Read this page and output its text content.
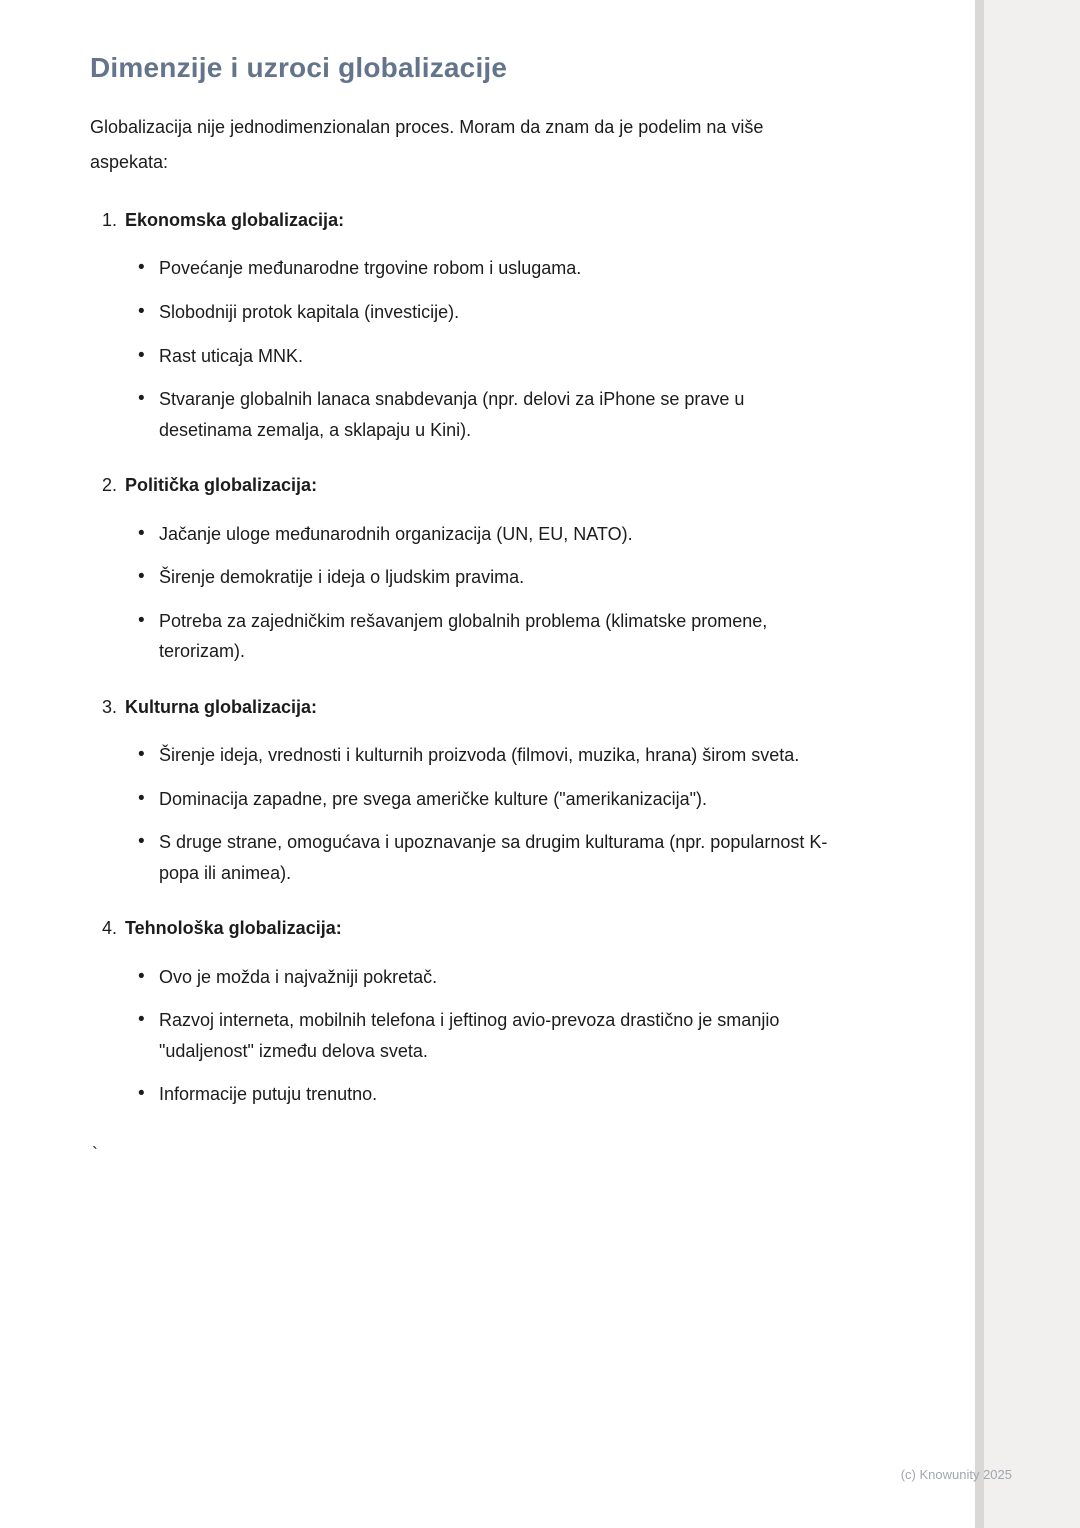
Dimenzije i uzroci globalizacije

Globalizacija nije jednodimenzionalan proces. Moram da znam da je podelim na više aspekata:

1. Ekonomska globalizacija:
• Povećanje međunarodne trgovine robom i uslugama.
• Slobodniji protok kapitala (investicije).
• Rast uticaja MNK.
• Stvaranje globalnih lanaca snabdevanja (npr. delovi za iPhone se prave u desetinama zemalja, a sklapaju u Kini).
2. Politička globalizacija:
• Jačanje uloge međunarodnih organizacija (UN, EU, NATO).
• Širenje demokratije i ideja o ljudskim pravima.
• Potreba za zajedničkim rešavanjem globalnih problema (klimatske promene, terorizam).
3. Kulturna globalizacija:
• Širenje ideja, vrednosti i kulturnih proizvoda (filmovi, muzika, hrana) širom sveta.
• Dominacija zapadne, pre svega američke kulture ("amerikanizacija").
• S druge strane, omogućava i upoznavanje sa drugim kulturama (npr. popularnost K-popa ili animea).
4. Tehnološka globalizacija:
• Ovo je možda i najvažniji pokretač.
• Razvoj interneta, mobilnih telefona i jeftinog avio-prevoza drastično je smanjio "udaljenost" između delova sveta.
• Informacije putuju trenutno.
`
(c) Knowunity 2025
